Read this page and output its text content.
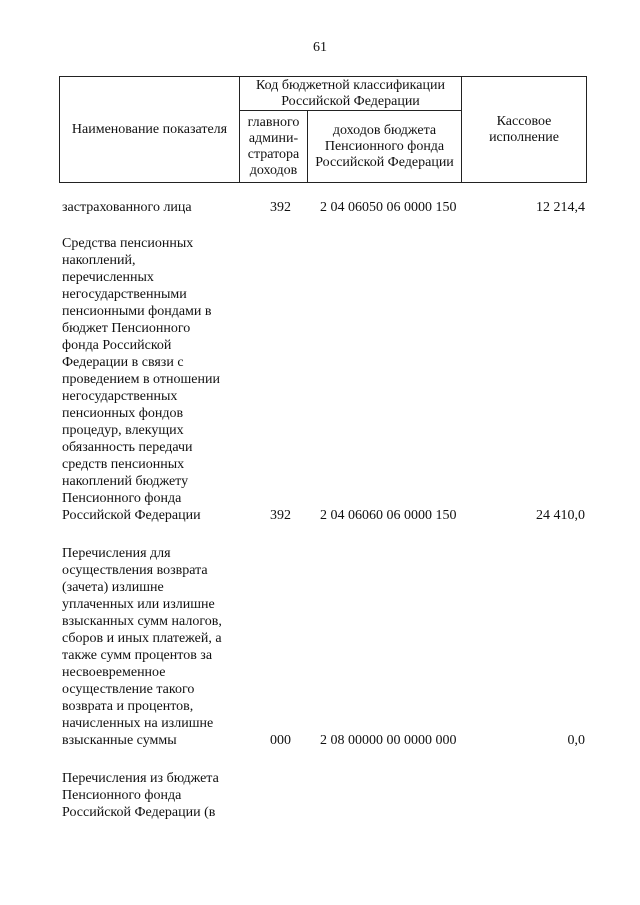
61
Наименование показателя	Код бюджетной классификации Российской Федерации		Кассовое исполнение
	главного админи-стратора доходов	доходов бюджета Пенсионного фонда Российской Федерации	
застрахованного лица	392 2 04 06050 06 0000 150	12 214,4
Средства пенсионных
накоплений,
перечисленных
негосударственными
пенсионными фондами в
бюджет Пенсионного
фонда Российской
Федерации в связи с
проведением в отношении
негосударственных
пенсионных фондов
процедур, влекущих
обязанность передачи
средств пенсионных
накоплений бюджету
Пенсионного фонда
Российской Федерации	392 2 04 06060 06 0000 150	24 410,0
Перечисления для
осуществления возврата
(зачета) излишне
уплаченных или излишне
взысканных сумм налогов,
сборов и иных платежей, а
также сумм процентов за
несвоевременное
осуществление такого
возврата и процентов,
начисленных на излишне
взысканные суммы	000 2 08 00000 00 0000 000	0,0
Перечисления из бюджета
Пенсионного фонда
Российской Федерации (в
